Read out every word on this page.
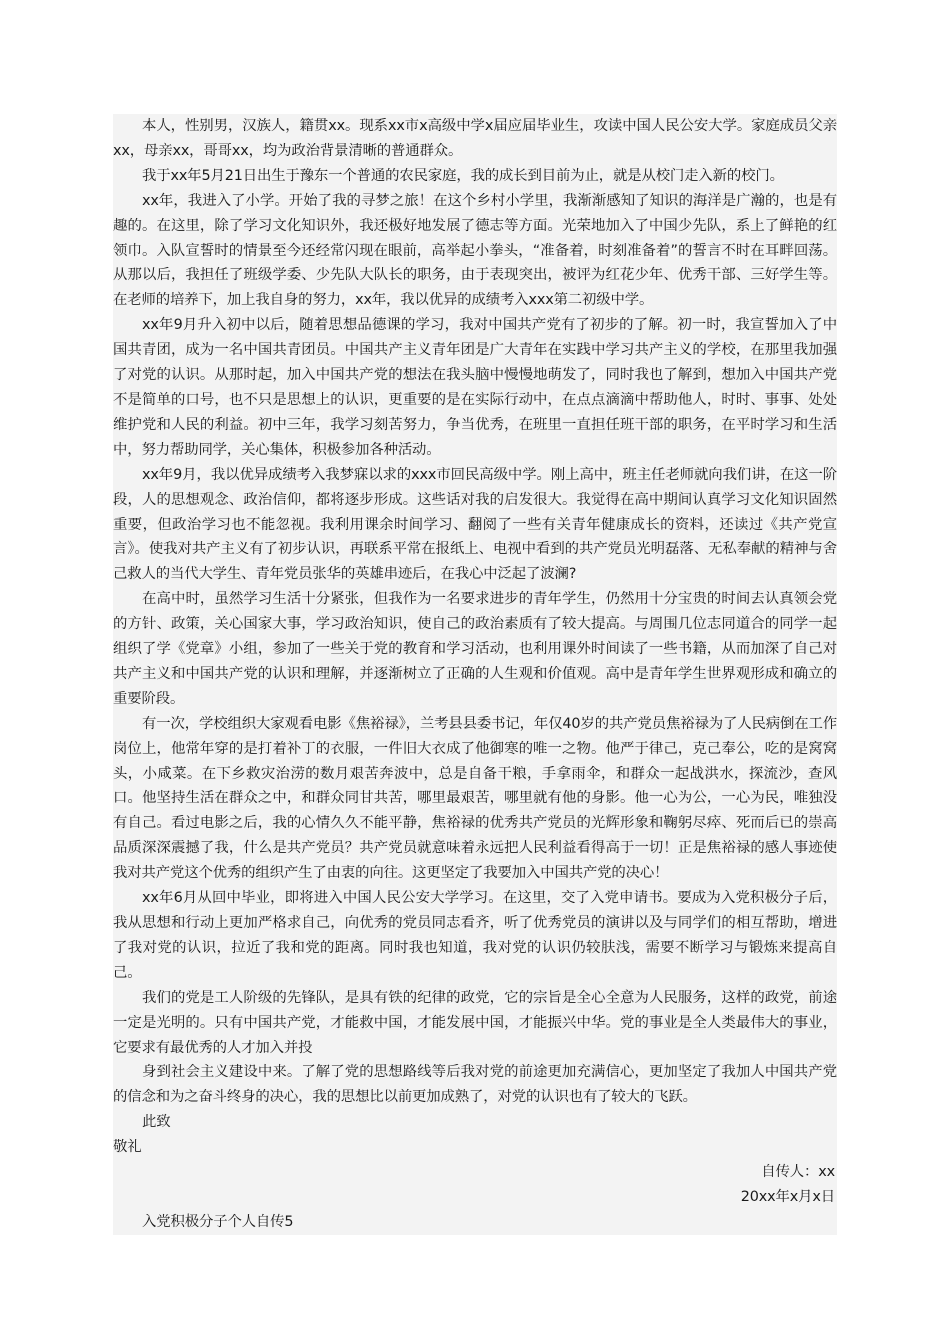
本人，性别男，汉族人，籍贯xx。现系xx市x高级中学x届应届毕业生，攻读中国人民公安大学。家庭成员父亲xx，母亲xx，哥哥xx，均为政治背景清晰的普通群众。

我于xx年5月21日出生于豫东一个普通的农民家庭，我的成长到目前为止，就是从校门走入新的校门。

xx年，我进入了小学。开始了我的寻梦之旅！在这个乡村小学里，我渐渐感知了知识的海洋是广瀚的，也是有趣的。在这里，除了学习文化知识外，我还极好地发展了德志等方面。光荣地加入了中国少先队，系上了鲜艳的红领巾。入队宣誓时的情景至今还经常闪现在眼前，高举起小拳头，“准备着，时刻准备着”的誓言不时在耳畔回荡。从那以后，我担任了班级学委、少先队大队长的职务，由于表现突出，被评为红花少年、优秀干部、三好学生等。在老师的培养下，加上我自身的努力，xx年，我以优异的成绩考入xxx第二初级中学。

xx年9月升入初中以后，随着思想品德课的学习，我对中国共产党有了初步的了解。初一时，我宣誓加入了中国共青团，成为一名中国共青团员。中国共产主义青年团是广大青年在实践中学习共产主义的学校，在那里我加强了对党的认识。从那时起，加入中国共产党的想法在我头脑中慢慢地萌发了，同时我也了解到，想加入中国共产党不是简单的口号，也不只是思想上的认识，更重要的是在实际行动中，在点点滴滴中帮助他人，时时、事事、处处维护党和人民的利益。初中三年，我学习刻苦努力，争当优秀，在班里一直担任班干部的职务，在平时学习和生活中，努力帮助同学，关心集体，积极参加各种活动。

xx年9月，我以优异成绩考入我梦寐以求的xxx市回民高级中学。刚上高中，班主任老师就向我们讲，在这一阶段，人的思想观念、政治信仰，都将逐步形成。这些话对我的启发很大。我觉得在高中期间认真学习文化知识固然重要，但政治学习也不能忽视。我利用课余时间学习、翻阅了一些有关青年健康成长的资料，还读过《共产党宣言》。使我对共产主义有了初步认识，再联系平常在报纸上、电视中看到的共产党员光明磊落、无私奉献的精神与舍己救人的当代大学生、青年党员张华的英雄串迹后，在我心中泛起了波澜?

在高中时，虽然学习生活十分紧张，但我作为一名要求进步的青年学生，仍然用十分宝贵的时间去认真领会党的方针、政策，关心国家大事，学习政治知识，使自己的政治素质有了较大提高。与周围几位志同道合的同学一起组织了学《党章》小组，参加了一些关于党的教育和学习活动，也利用课外时间读了一些书籍，从而加深了自己对共产主义和中国共产党的认识和理解，并逐渐树立了正确的人生观和价值观。高中是青年学生世界观形成和确立的重要阶段。

有一次，学校组织大家观看电影《焦裕禄》，兰考县县委书记，年仅40岁的共产党员焦裕禄为了人民病倒在工作岗位上，他常年穿的是打着补丁的衣服，一件旧大衣成了他御寒的唯一之物。他严于律己，克己奉公，吃的是窝窝头，小咸菜。在下乡救灾治涝的数月艰苦奔波中，总是自备干粮，手拿雨伞，和群众一起战洪水，探流沙，查风口。他坚持生活在群众之中，和群众同甘共苦，哪里最艰苦，哪里就有他的身影。他一心为公，一心为民，唯独没有自己。看过电影之后，我的心情久久不能平静，焦裕禄的优秀共产党员的光辉形象和鞠躬尽瘁、死而后已的崇高品质深深震撼了我，什么是共产党员？共产党员就意味着永远把人民利益看得高于一切！正是焦裕禄的感人事迹使我对共产党这个优秀的组织产生了由衷的向往。这更坚定了我要加入中国共产党的决心！

xx年6月从回中毕业，即将进入中国人民公安大学学习。在这里，交了入党申请书。要成为入党积极分子后，我从思想和行动上更加严格求自己，向优秀的党员同志看齐，听了优秀党员的演讲以及与同学们的相互帮助，增进了我对党的认识，拉近了我和党的距离。同时我也知道，我对党的认识仍较肤浅，需要不断学习与锻炼来提高自己。

我们的党是工人阶级的先锋队，是具有铁的纪律的政党，它的宗旨是全心全意为人民服务，这样的政党，前途一定是光明的。只有中国共产党，才能救中国，才能发展中国，才能振兴中华。党的事业是全人类最伟大的事业，它要求有最优秀的人才加入并投

身到社会主义建设中来。了解了党的思想路线等后我对党的前途更加充满信心，更加坚定了我加人中国共产党的信念和为之奋斗终身的决心，我的思想比以前更加成熟了，对党的认识也有了较大的飞跃。

此致

敬礼

自传人：xx

20xx年x月x日

入党积极分子个人自传5
